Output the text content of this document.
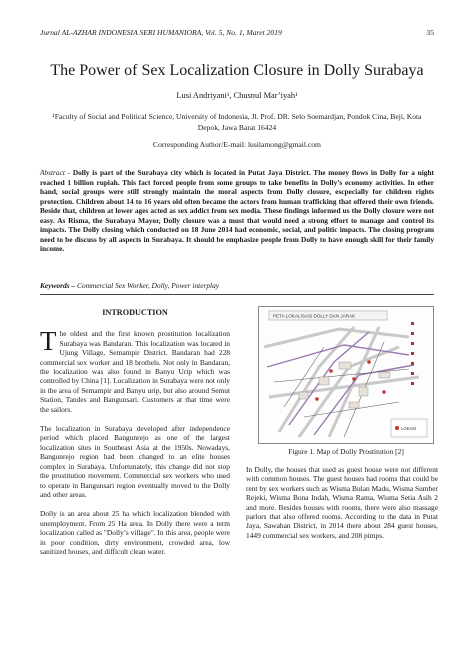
Jurnal AL-AZHAR INDONESIA SERI HUMANIORA, Vol. 5, No. 1, Maret 2019	35
The Power of Sex Localization Closure in Dolly Surabaya
Lusi Andriyani¹, Chusnul Mar’iyah¹
¹Faculty of Social and Political Science, University of Indonesia, Jl. Prof. DR. Selo Soemardjan, Pondok Cina, Beji, Kota Depok, Jawa Barat 16424
Corresponding Author/E-mail: lusilamong@gmail.com
Abstract - Dolly is part of the Surabaya city which is located in Putat Jaya District. The money flows in Dolly for a night reached 1 billion rupiah. This fact forced people from some groups to take benefits in Dolly’s economy activities. In other hand, social groups were still strongly maintain the moral aspects from Dolly closure, escpecially for children rights protection. Children about 14 to 16 years old often became the actors from human trafficking that offered their own friends. Beside that, children at lower ages acted as sex addict from sex media. These findings informed us the Dolly closure were not easy. As Risma, the Surabaya Mayor, Dolly closure was a must that would need a strong effort to manage and control its impacts. The Dolly closing which conducted on 18 June 2014 had economic, social, and politic impacts. The closing program need to be discuss by all aspects in Surabaya. It should be emphasize people from Dolly to have enough skill for their family income.
Keywords – Commercial Sex Worker, Dolly, Power interplay
INTRODUCTION

The oldest and the first known prostitution localization Surabaya was Bandaran. This localization was located in Ujung Village, Semampir District. Bandaran had 228 commercial sex worker and 18 brothels. Not only in Bandaran, the localization was also found in Banyu Urip which was controlled by China [1]. Localization in Surabaya were not only in the area of Semampir and Banyu urip, but also around Semut Station, Tandes and Bangunsari. Customers at that time were the sailors.

The localization in Surabaya developed after independence period which placed Bangunrejo as one of the largest localization sites in Southeast Asia at the 1950s. Nowadays, Bangunrejo region had been changed to an elite houses complex in Surabaya. Unfortunately, this change did not stop the prostitution movement. Commercial sex workers who used to operate in Bangunsari region eventually moved to the Dolly and other areas.

Dolly is an area about 25 ha which localization blended with unemployment. From 25 Ha area. In Dolly there were a term localization called as "Dolly’s village". In this area, people were in poor condition, dirty environment, crowded area, low sanitized houses, and difficult clean water.

PETA LOKALISASI DOLLY DAN JARAK
LOKASI
Figure 1. Map of Dolly Prostitution [2]
In Dolly, the houses that used as guest house were not different with common houses. The guest houses had rooms that could be rent by sex workers such as Wisma Bulan Madu, Wisma Sumber Rejeki, Wisma Bona Indah, Wisma Rama, Wisma Setia Asih 2 and more. Besides houses with rooms, there were also massage parlors that also offered rooms. According to the data in Putat Jaya, Sawahan District, in 2014 there about 284 guest houses, 1449 commercial sex workers, and 208 pimps.
